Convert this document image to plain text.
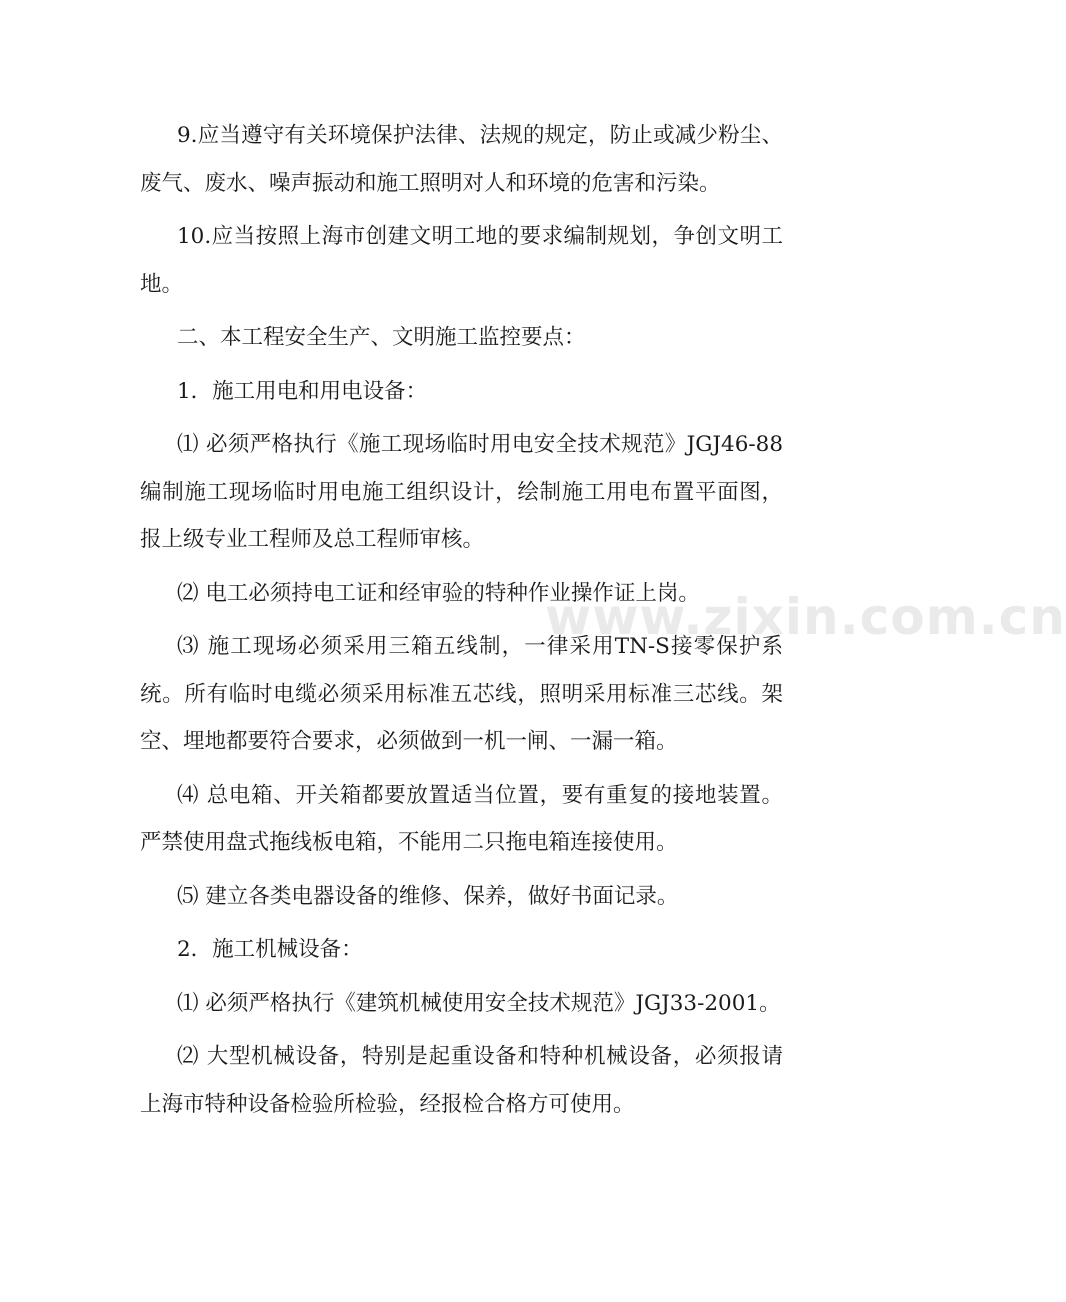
9.应当遵守有关环境保护法律、法规的规定，防止或减少粉尘、废气、废水、噪声振动和施工照明对人和环境的危害和污染。

10.应当按照上海市创建文明工地的要求编制规划，争创文明工地。

二、本工程安全生产、文明施工监控要点：

1．施工用电和用电设备：

⑴ 必须严格执行《施工现场临时用电安全技术规范》JGJ46-88编制施工现场临时用电施工组织设计，绘制施工用电布置平面图，报上级专业工程师及总工程师审核。

⑵ 电工必须持电工证和经审验的特种作业操作证上岗。

⑶ 施工现场必须采用三箱五线制，一律采用TN-S接零保护系统。所有临时电缆必须采用标准五芯线，照明采用标准三芯线。架空、埋地都要符合要求，必须做到一机一闸、一漏一箱。

⑷ 总电箱、开关箱都要放置适当位置，要有重复的接地装置。严禁使用盘式拖线板电箱，不能用二只拖电箱连接使用。

⑸ 建立各类电器设备的维修、保养，做好书面记录。

2．施工机械设备：

⑴ 必须严格执行《建筑机械使用安全技术规范》JGJ33-2001。

⑵ 大型机械设备，特别是起重设备和特种机械设备，必须报请上海市特种设备检验所检验，经报检合格方可使用。

www.zixin.com.cn
